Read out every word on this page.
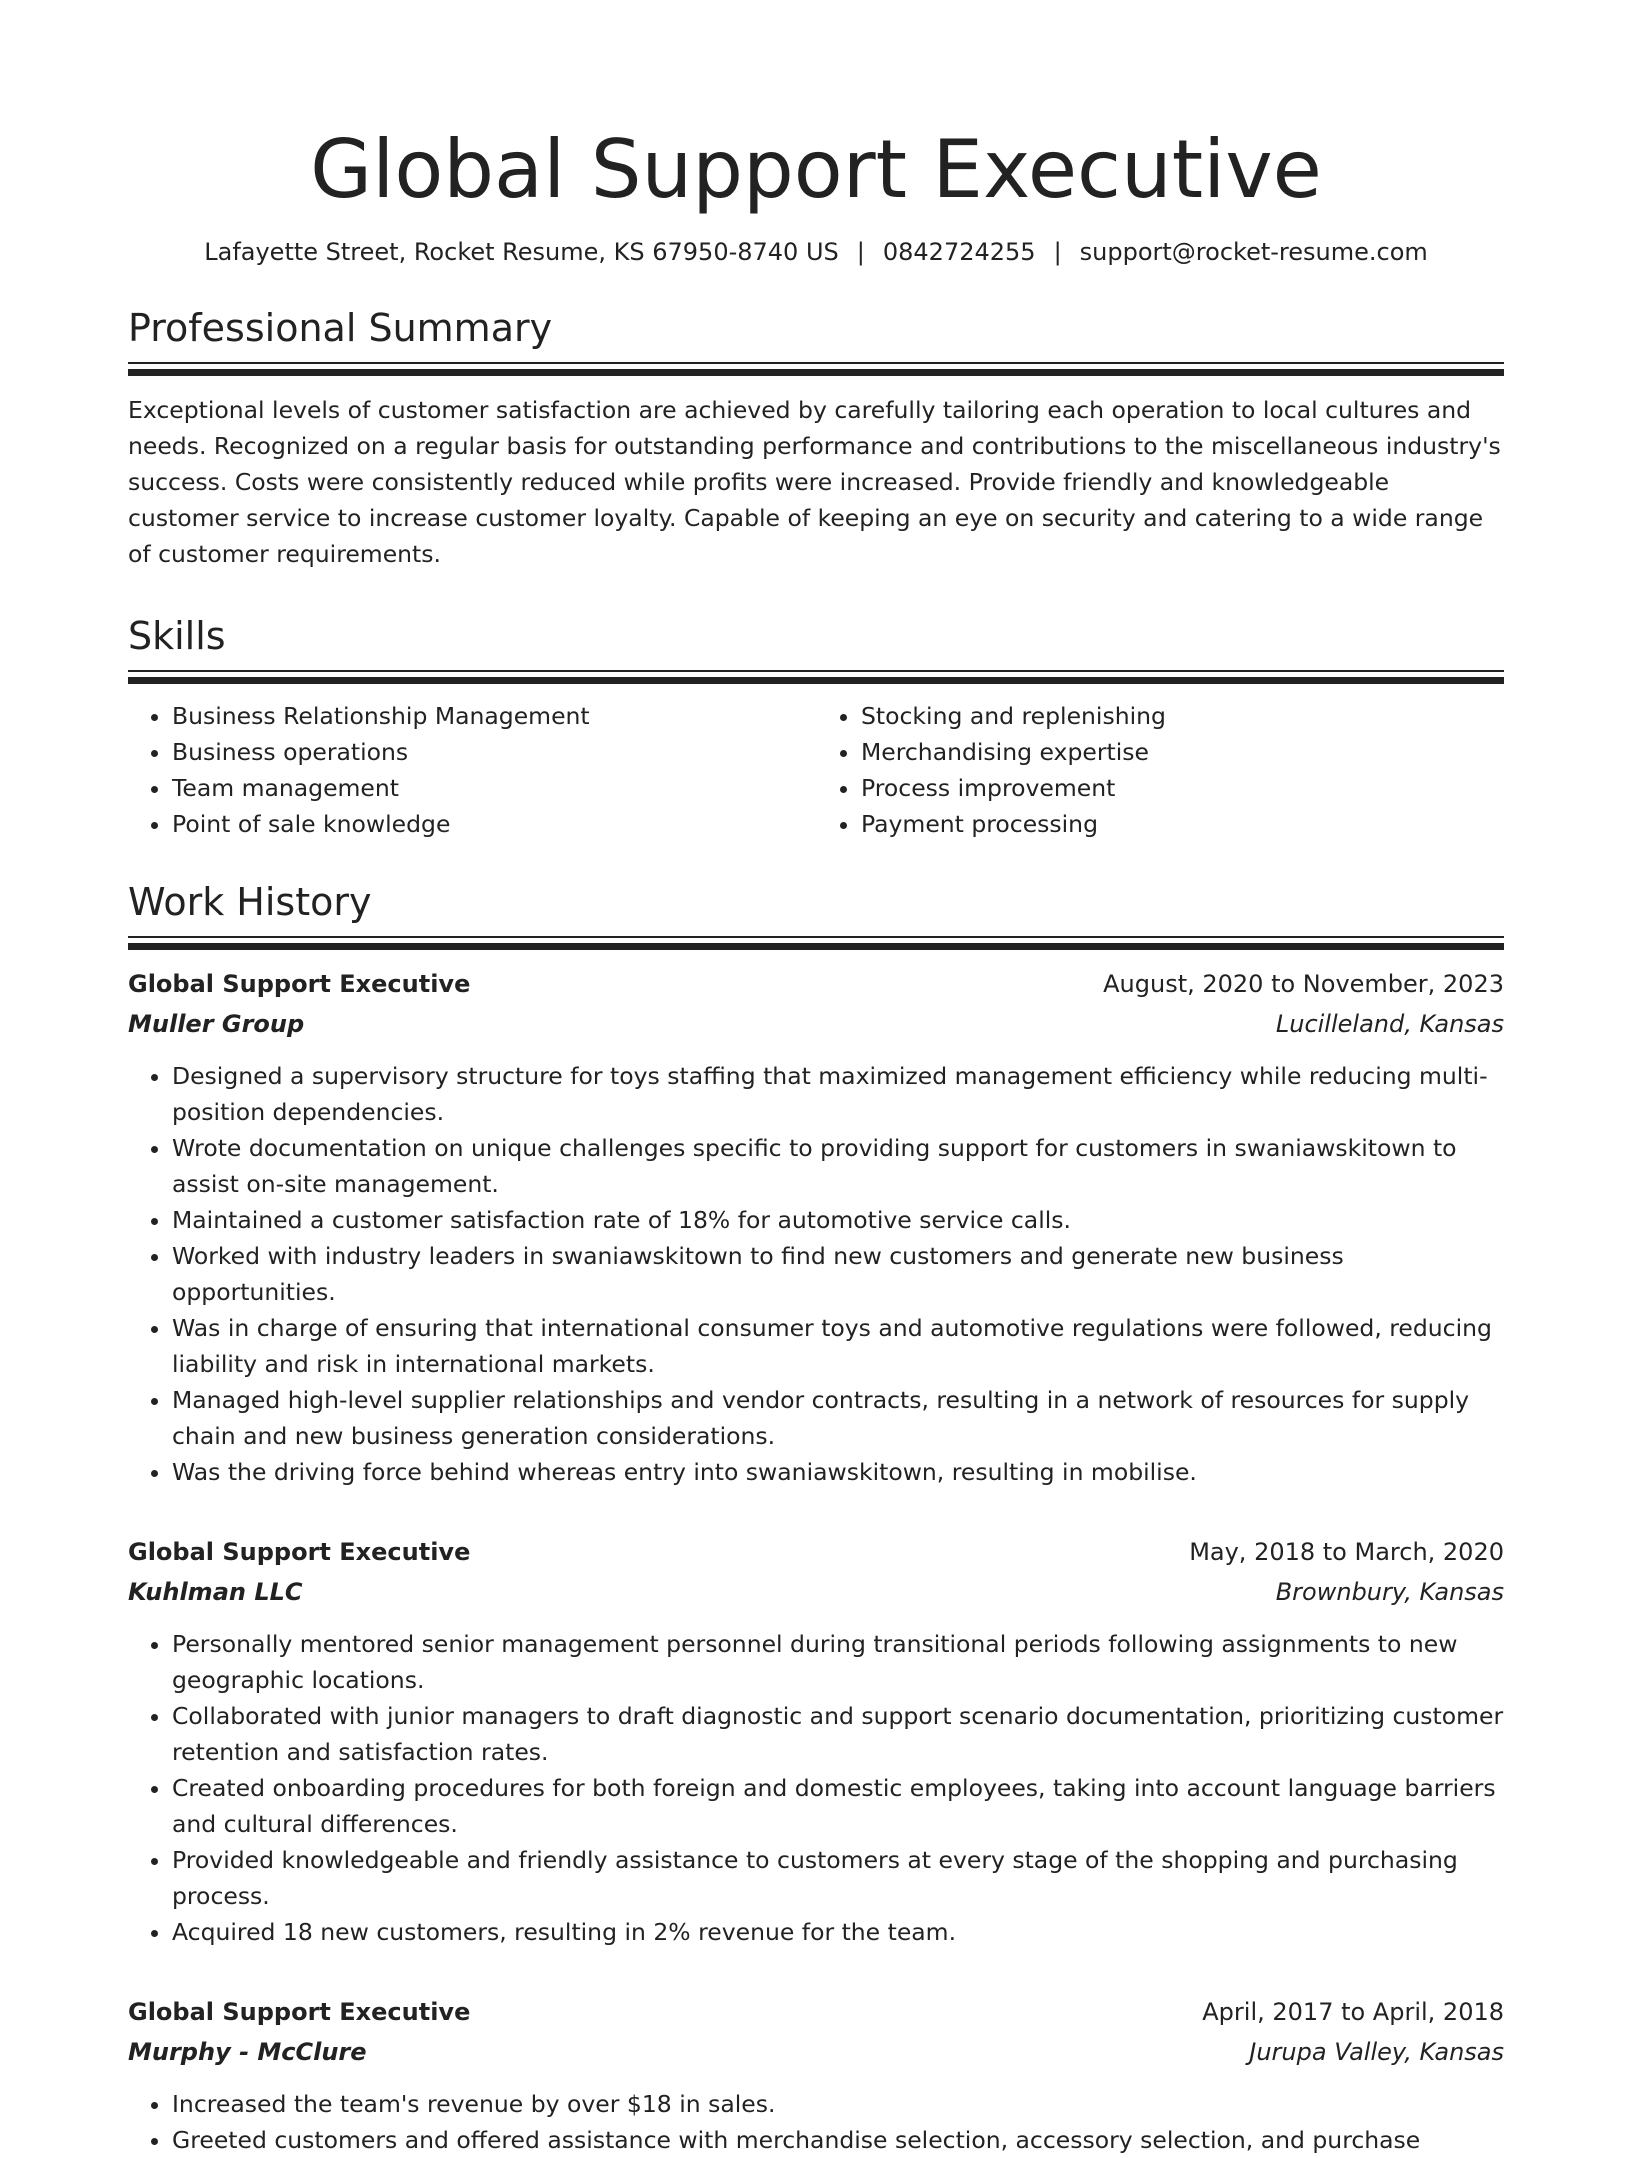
Global Support Executive
Lafayette Street, Rocket Resume, KS 67950-8740 US | 0842724255 | support@rocket-resume.com
Professional Summary
Exceptional levels of customer satisfaction are achieved by carefully tailoring each operation to local cultures and needs. Recognized on a regular basis for outstanding performance and contributions to the miscellaneous industry's success. Costs were consistently reduced while profits were increased. Provide friendly and knowledgeable customer service to increase customer loyalty. Capable of keeping an eye on security and catering to a wide range of customer requirements.
Skills
• Business Relationship Management
• Business operations
• Team management
• Point of sale knowledge
• Stocking and replenishing
• Merchandising expertise
• Process improvement
• Payment processing
Work History
Global Support Executive	August, 2020 to November, 2023
Muller Group	Lucilleland, Kansas
• Designed a supervisory structure for toys staffing that maximized management efficiency while reducing multi-position dependencies.
• Wrote documentation on unique challenges specific to providing support for customers in swaniawskitown to assist on-site management.
• Maintained a customer satisfaction rate of 18% for automotive service calls.
• Worked with industry leaders in swaniawskitown to find new customers and generate new business opportunities.
• Was in charge of ensuring that international consumer toys and automotive regulations were followed, reducing liability and risk in international markets.
• Managed high-level supplier relationships and vendor contracts, resulting in a network of resources for supply chain and new business generation considerations.
• Was the driving force behind whereas entry into swaniawskitown, resulting in mobilise.
Global Support Executive	May, 2018 to March, 2020
Kuhlman LLC	Brownbury, Kansas
• Personally mentored senior management personnel during transitional periods following assignments to new geographic locations.
• Collaborated with junior managers to draft diagnostic and support scenario documentation, prioritizing customer retention and satisfaction rates.
• Created onboarding procedures for both foreign and domestic employees, taking into account language barriers and cultural differences.
• Provided knowledgeable and friendly assistance to customers at every stage of the shopping and purchasing process.
• Acquired 18 new customers, resulting in 2% revenue for the team.
Global Support Executive	April, 2017 to April, 2018
Murphy - McClure	Jurupa Valley, Kansas
• Increased the team's revenue by over $18 in sales.
• Greeted customers and offered assistance with merchandise selection, accessory selection, and purchase
